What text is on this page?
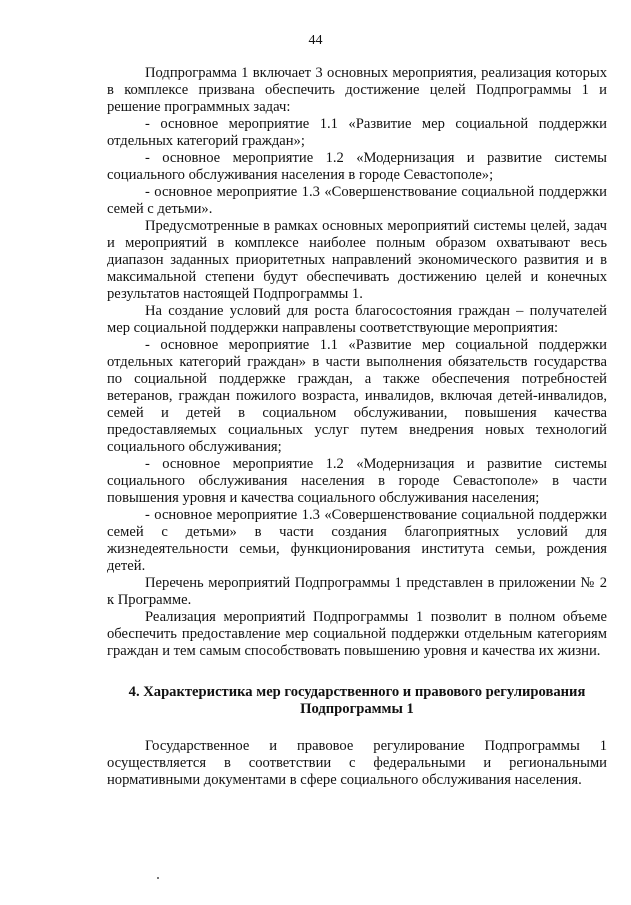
44

Подпрограмма 1 включает 3 основных мероприятия, реализация которых в комплексе призвана обеспечить достижение целей Подпрограммы 1 и решение программных задач:

- основное мероприятие 1.1 «Развитие мер социальной поддержки отдельных категорий граждан»;

- основное мероприятие 1.2 «Модернизация и развитие системы социального обслуживания населения в городе Севастополе»;

- основное мероприятие 1.3 «Совершенствование социальной поддержки семей с детьми».

Предусмотренные в рамках основных мероприятий системы целей, задач и мероприятий в комплексе наиболее полным образом охватывают весь диапазон заданных приоритетных направлений экономического развития и в максимальной степени будут обеспечивать достижению целей и конечных результатов настоящей Подпрограммы 1.

На создание условий для роста благосостояния граждан – получателей мер социальной поддержки направлены соответствующие мероприятия:

- основное мероприятие 1.1 «Развитие мер социальной поддержки отдельных категорий граждан» в части выполнения обязательств государства по социальной поддержке граждан, а также обеспечения потребностей ветеранов, граждан пожилого возраста, инвалидов, включая детей-инвалидов, семей и детей в социальном обслуживании, повышения качества предоставляемых социальных услуг путем внедрения новых технологий социального обслуживания;

- основное мероприятие 1.2 «Модернизация и развитие системы социального обслуживания населения в городе Севастополе» в части повышения уровня и качества социального обслуживания населения;

- основное мероприятие 1.3 «Совершенствование социальной поддержки семей с детьми» в части создания благоприятных условий для жизнедеятельности семьи, функционирования института семьи, рождения детей.

Перечень мероприятий Подпрограммы 1 представлен в приложении № 2 к Программе.

Реализация мероприятий Подпрограммы 1 позволит в полном объеме обеспечить предоставление мер социальной поддержки отдельным категориям граждан и тем самым способствовать повышению уровня и качества их жизни.

4. Характеристика мер государственного и правового регулирования Подпрограммы 1

Государственное и правовое регулирование Подпрограммы 1 осуществляется в соответствии с федеральными и региональными нормативными документами в сфере социального обслуживания населения.
